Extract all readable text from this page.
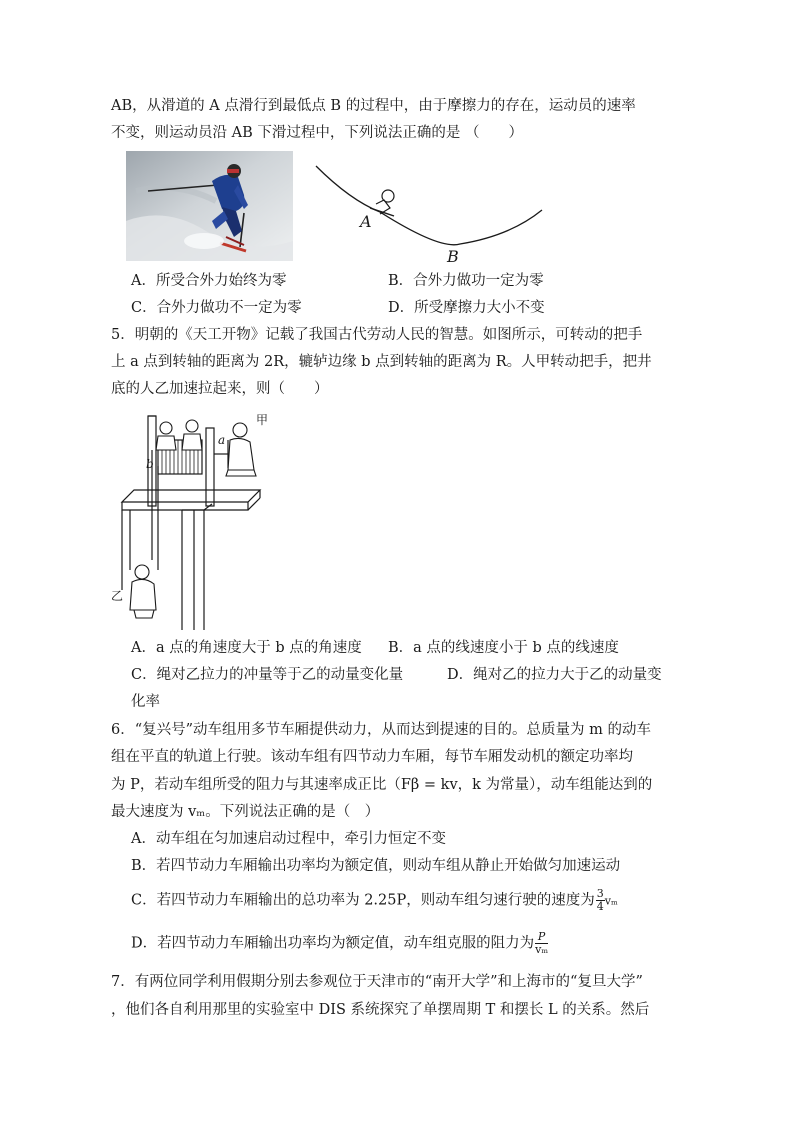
AB，从滑道的 A 点滑行到最低点 B 的过程中，由于摩擦力的存在，运动员的速率
不变，则运动员沿 AB 下滑过程中，下列说法正确的是 （　　）
A
B
A．所受合外力始终为零	B．合外力做功一定为零
C．合外力做功不一定为零	D．所受摩擦力大小不变
5．明朝的《天工开物》记载了我国古代劳动人民的智慧。如图所示，可转动的把手
上 a 点到转轴的距离为 2R，辘轳边缘 b 点到转轴的距离为 R。人甲转动把手，把井
底的人乙加速拉起来，则（　　）
甲
乙
a
b
A．a 点的角速度大于 b 点的角速度 B．a 点的线速度小于 b 点的线速度
C．绳对乙拉力的冲量等于乙的动量变化量	D．绳对乙的拉力大于乙的动量变
化率
6．“复兴号”动车组用多节车厢提供动力，从而达到提速的目的。总质量为 m 的动车
组在平直的轨道上行驶。该动车组有四节动力车厢，每节车厢发动机的额定功率均
为 P，若动车组所受的阻力与其速率成正比（Fβ = kv，k 为常量），动车组能达到的
最大速度为 vₘ。下列说法正确的是（　）
A．动车组在匀加速启动过程中，牵引力恒定不变
B．若四节动力车厢输出功率均为额定值，则动车组从静止开始做匀加速运动
C．若四节动力车厢输出的总功率为 2.25P，则动车组匀速行驶的速度为 $\frac{3}{4}$ vₘ
D．若四节动力车厢输出功率均为额定值，动车组克服的阻力为 $\frac{P}{\text{vₘ}}$
7．有两位同学利用假期分别去参观位于天津市的“南开大学”和上海市的“复旦大学”
，他们各自利用那里的实验室中 DIS 系统探究了单摆周期 T 和摆长 L 的关系。然后
